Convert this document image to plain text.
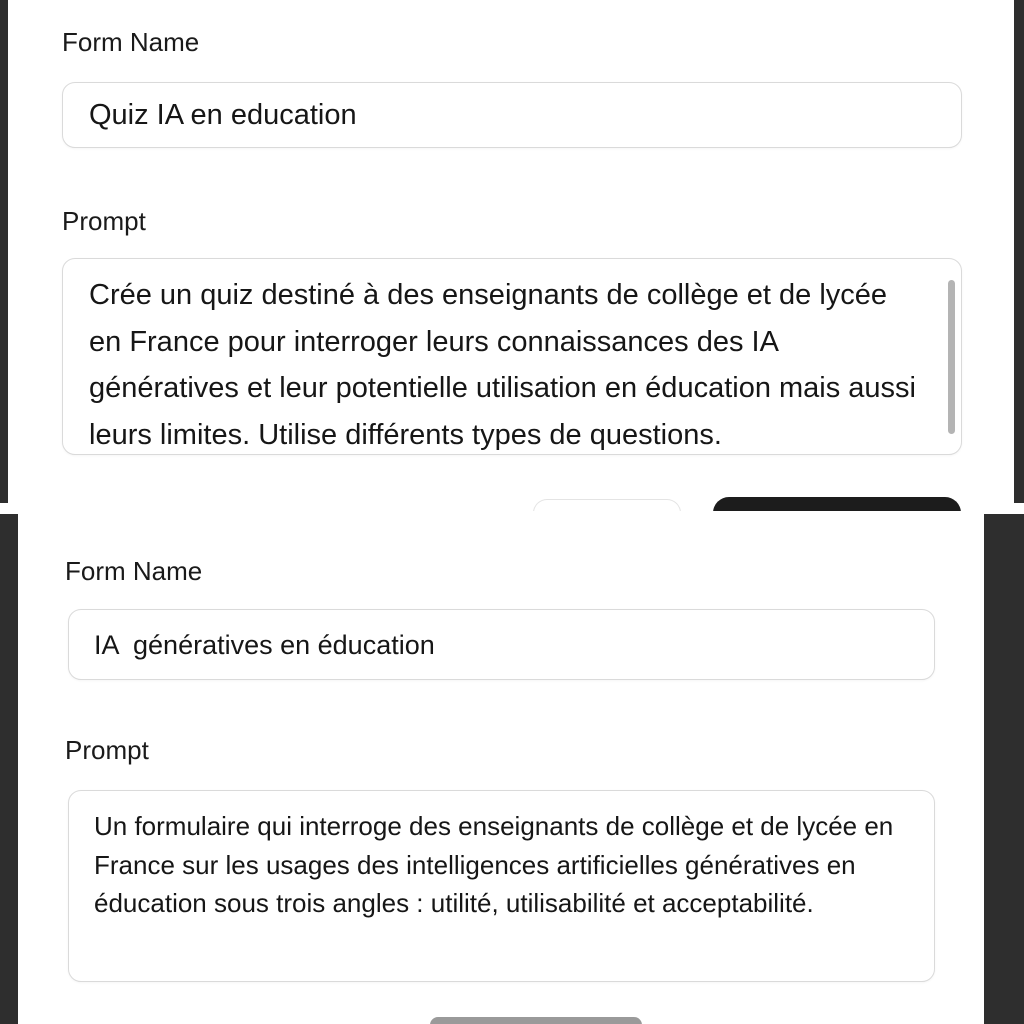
Form Name
Quiz IA en education
Prompt
Crée un quiz destiné à des enseignants de collège et de lycée en France pour interroger leurs connaissances des IA génératives et leur potentielle utilisation en éducation mais aussi leurs limites. Utilise différents types de questions.
Form Name
IA  génératives en éducation
Prompt
Un formulaire qui interroge des enseignants de collège et de lycée en France sur les usages des intelligences artificielles génératives en éducation sous trois angles : utilité, utilisabilité et acceptabilité.
